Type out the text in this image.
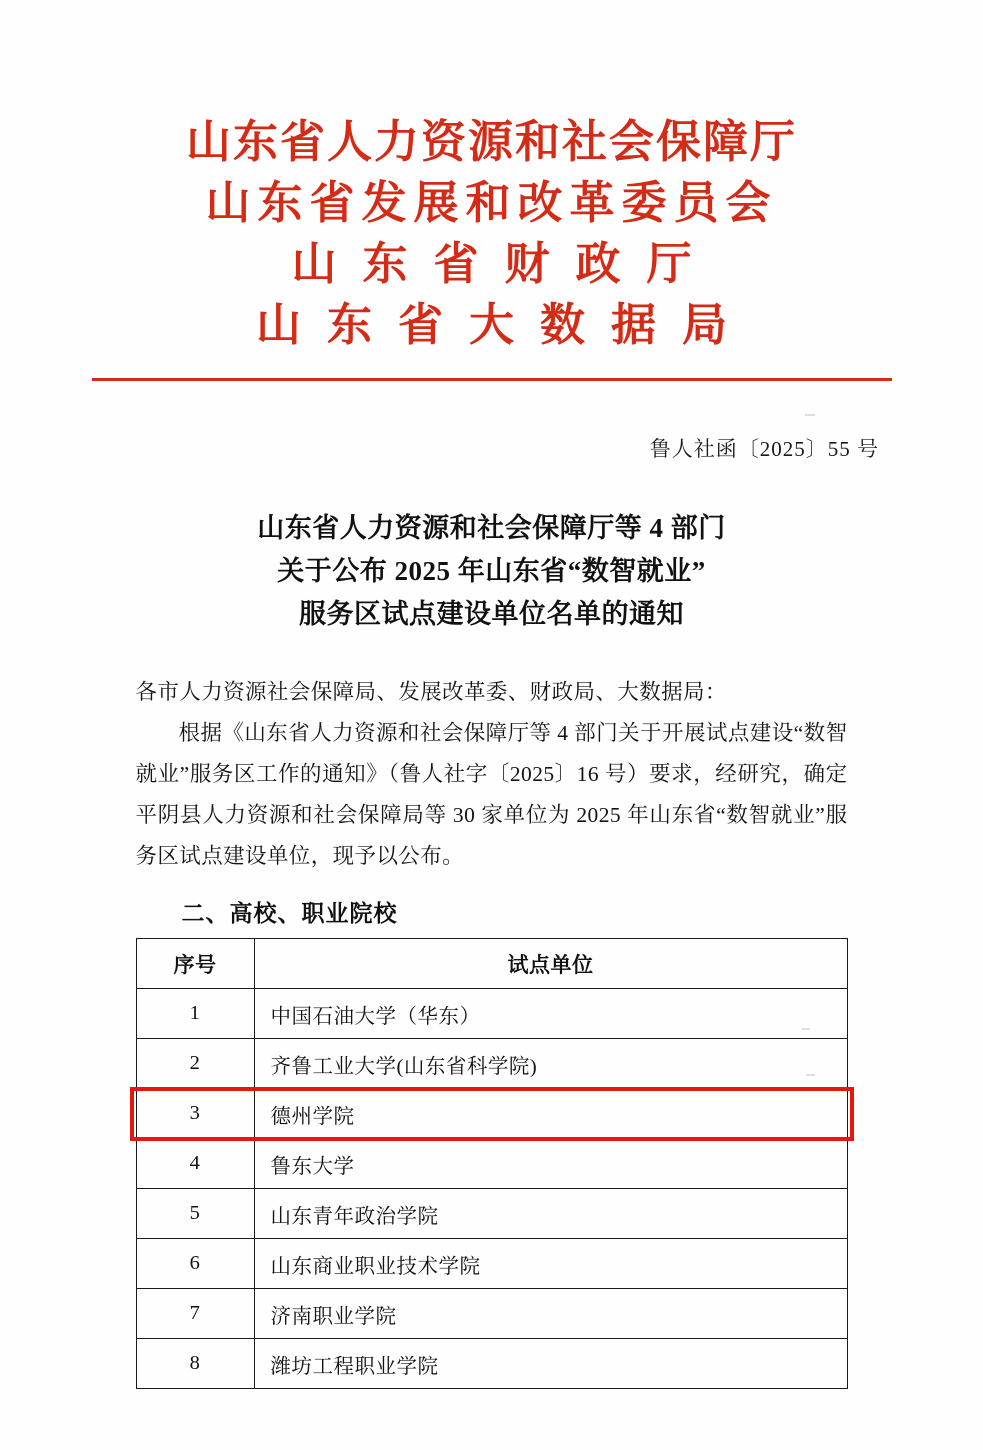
山东省人力资源和社会保障厅
山东省发展和改革委员会
山东省财政厅
山东省大数据局
鲁人社函〔2025〕55 号
山东省人力资源和社会保障厅等 4 部门
关于公布 2025 年山东省“数智就业”
服务区试点建设单位名单的通知

各市人力资源社会保障局、发展改革委、财政局、大数据局：

根据《山东省人力资源和社会保障厅等 4 部门关于开展试点建设“数智就业”服务区工作的通知》（鲁人社字〔2025〕16 号）要求，经研究，确定平阴县人力资源和社会保障局等 30 家单位为 2025 年山东省“数智就业”服务区试点建设单位，现予以公布。

二、高校、职业院校
序号	试点单位
1	中国石油大学（华东）
2	齐鲁工业大学(山东省科学院)
3	德州学院
4	鲁东大学
5	山东青年政治学院
6	山东商业职业技术学院
7	济南职业学院
8	潍坊工程职业学院
